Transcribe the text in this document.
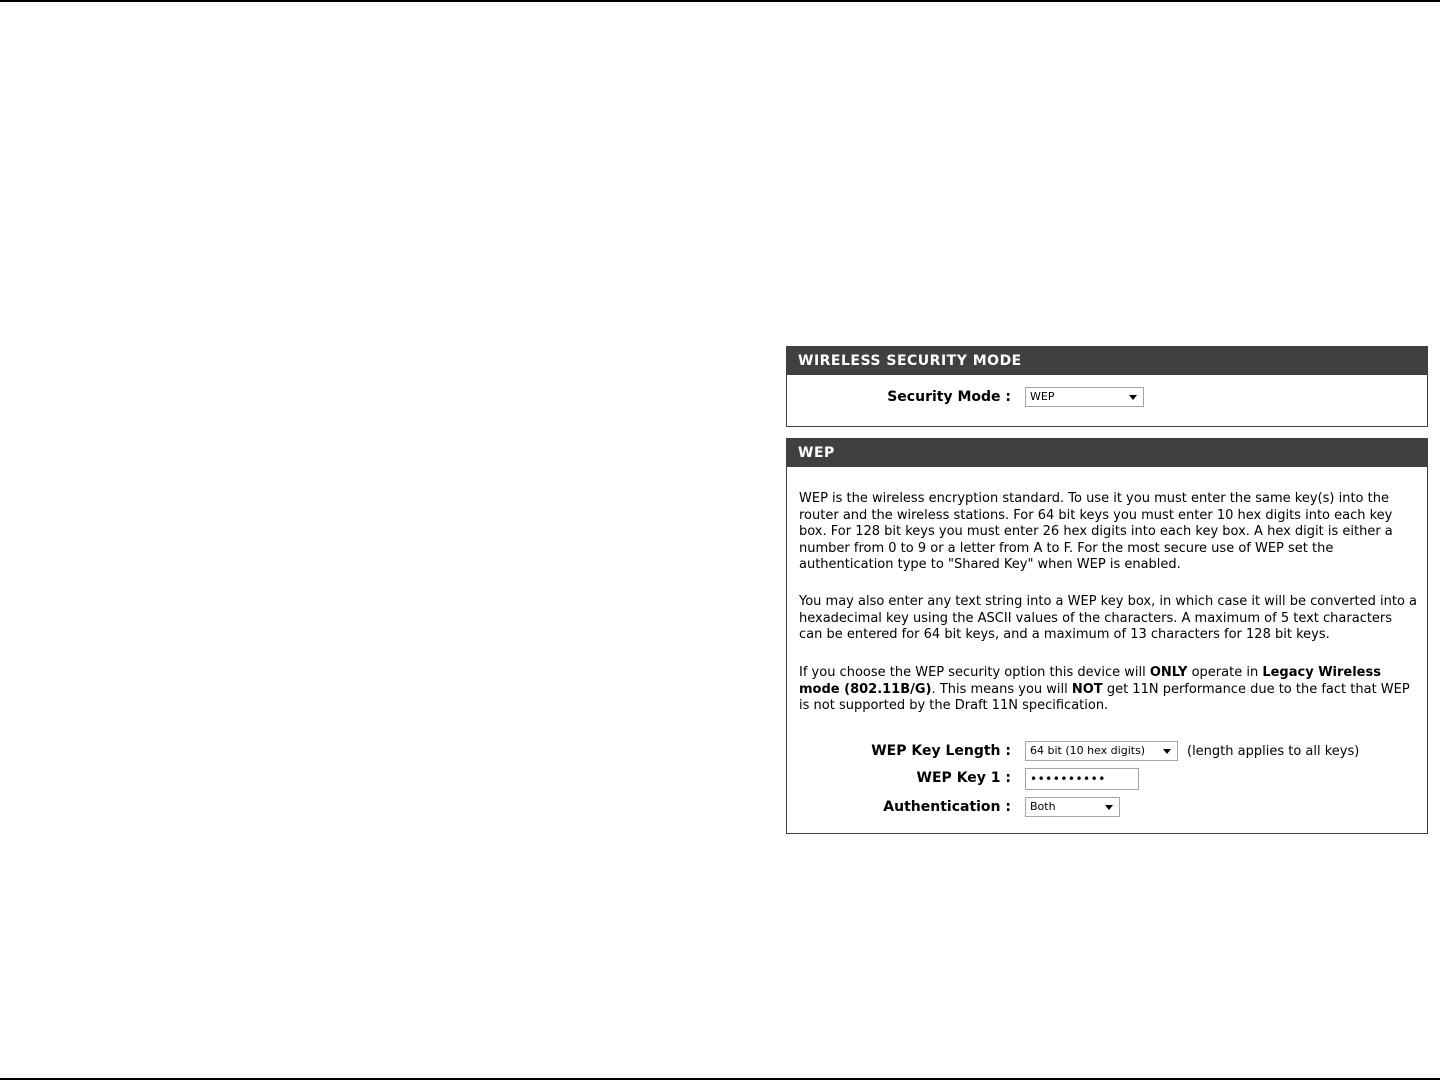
WIRELESS SECURITY MODE
Security Mode :	WEP
WEP

WEP is the wireless encryption standard. To use it you must enter the same key(s) into the router and the wireless stations. For 64 bit keys you must enter 10 hex digits into each key box. For 128 bit keys you must enter 26 hex digits into each key box. A hex digit is either a number from 0 to 9 or a letter from A to F. For the most secure use of WEP set the authentication type to "Shared Key" when WEP is enabled.

You may also enter any text string into a WEP key box, in which case it will be converted into a hexadecimal key using the ASCII values of the characters. A maximum of 5 text characters can be entered for 64 bit keys, and a maximum of 13 characters for 128 bit keys.

If you choose the WEP security option this device will ONLY operate in Legacy Wireless mode (802.11B/G). This means you will NOT get 11N performance due to the fact that WEP is not supported by the Draft 11N specification.

WEP Key Length :	64 bit (10 hex digits)	(length applies to all keys)
WEP Key 1 :	••••••••••
Authentication :	Both
